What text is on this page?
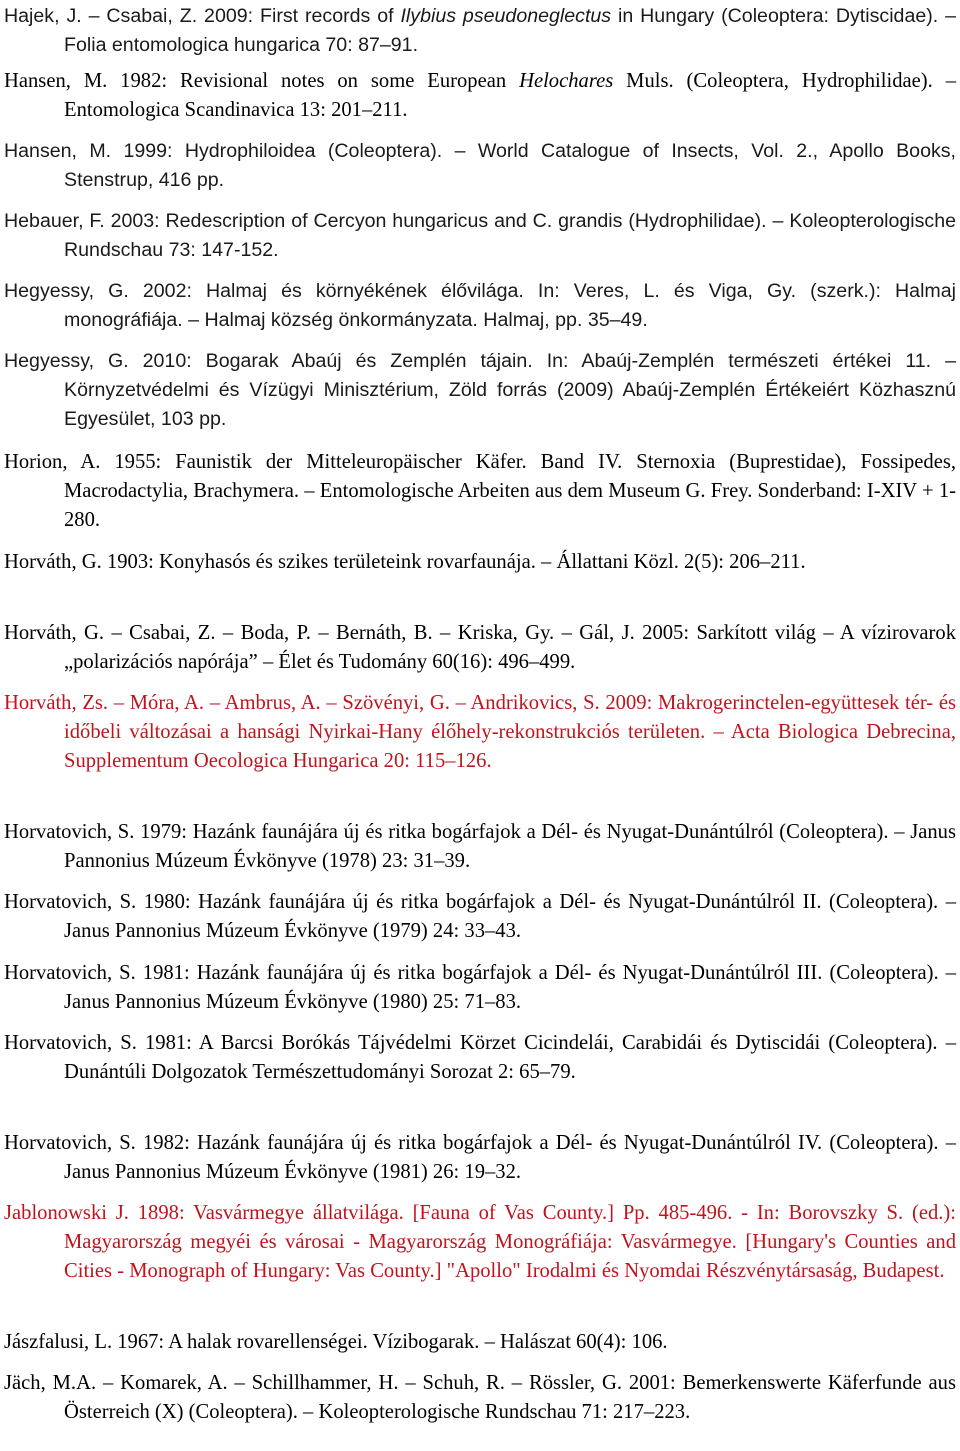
Hajek, J. – Csabai, Z. 2009: First records of Ilybius pseudoneglectus in Hungary (Coleoptera: Dytiscidae). – Folia entomologica hungarica 70: 87–91.
Hansen, M. 1982: Revisional notes on some European Helochares Muls. (Coleoptera, Hydrophilidae). – Entomologica Scandinavica 13: 201–211.
Hansen, M. 1999: Hydrophiloidea (Coleoptera). – World Catalogue of Insects, Vol. 2., Apollo Books, Stenstrup, 416 pp.
Hebauer, F. 2003: Redescription of Cercyon hungaricus and C. grandis (Hydrophilidae). – Koleopterologische Rundschau 73: 147-152.
Hegyessy, G. 2002: Halmaj és környékének élővilága. In: Veres, L. és Viga, Gy. (szerk.): Halmaj monográfiája. – Halmaj község önkormányzata. Halmaj, pp. 35–49.
Hegyessy, G. 2010: Bogarak Abaúj és Zemplén tájain. In: Abaúj-Zemplén természeti értékei 11. – Környzetvédelmi és Vízügyi Minisztérium, Zöld forrás (2009) Abaúj-Zemplén Értékeiért Közhasznú Egyesület, 103 pp.
Horion, A. 1955: Faunistik der Mitteleuropäischer Käfer. Band IV. Sternoxia (Buprestidae), Fossipedes, Macrodactylia, Brachymera. – Entomologische Arbeiten aus dem Museum G. Frey. Sonderband: I-XIV + 1-280.
Horváth, G. 1903: Konyhasós és szikes területeink rovarfaunája. – Állattani Közl. 2(5): 206–211.
Horváth, G. – Csabai, Z. – Boda, P. – Bernáth, B. – Kriska, Gy. – Gál, J. 2005: Sarkított világ – A vízirovarok „polarizációs napórája” – Élet és Tudomány 60(16): 496–499.
Horváth, Zs. – Móra, A. – Ambrus, A. – Szövényi, G. – Andrikovics, S. 2009: Makrogerinctelen-együttesek tér- és időbeli változásai a hansági Nyirkai-Hany élőhely-rekonstrukciós területen. – Acta Biologica Debrecina, Supplementum Oecologica Hungarica 20: 115–126.
Horvatovich, S. 1979: Hazánk faunájára új és ritka bogárfajok a Dél- és Nyugat-Dunántúlról (Coleoptera). – Janus Pannonius Múzeum Évkönyve (1978) 23: 31–39.
Horvatovich, S. 1980: Hazánk faunájára új és ritka bogárfajok a Dél- és Nyugat-Dunántúlról II. (Coleoptera). – Janus Pannonius Múzeum Évkönyve (1979) 24: 33–43.
Horvatovich, S. 1981: Hazánk faunájára új és ritka bogárfajok a Dél- és Nyugat-Dunántúlról III. (Coleoptera). – Janus Pannonius Múzeum Évkönyve (1980) 25: 71–83.
Horvatovich, S. 1981: A Barcsi Borókás Tájvédelmi Körzet Cicindelái, Carabidái és Dytiscidái (Coleoptera). – Dunántúli Dolgozatok Természettudományi Sorozat 2: 65–79.
Horvatovich, S. 1982: Hazánk faunájára új és ritka bogárfajok a Dél- és Nyugat-Dunántúlról IV. (Coleoptera). – Janus Pannonius Múzeum Évkönyve (1981) 26: 19–32.
Jablonowski J. 1898: Vasvármegye állatvilága. [Fauna of Vas County.] Pp. 485-496. - In: Borovszky S. (ed.): Magyarország megyéi és városai - Magyarország Monográfiája: Vasvármegye. [Hungary's Counties and Cities - Monograph of Hungary: Vas County.] "Apollo" Irodalmi és Nyomdai Részvénytársaság, Budapest.
Jászfalusi, L. 1967: A halak rovarellenségei. Vízibogarak. – Halászat 60(4): 106.
Jäch, M.A. – Komarek, A. – Schillhammer, H. – Schuh, R. – Rössler, G. 2001: Bemerkenswerte Käferfunde aus Österreich (X) (Coleoptera). – Koleopterologische Rundschau 71: 217–223.
